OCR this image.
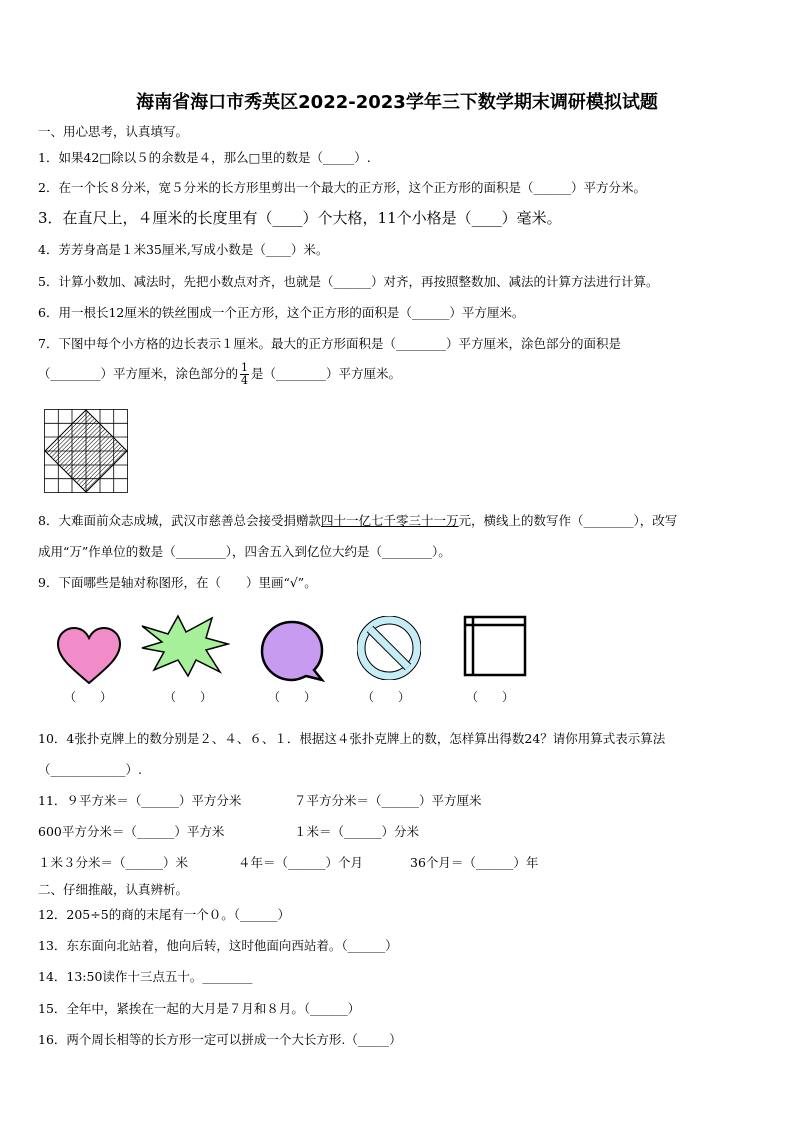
海南省海口市秀英区2022-2023学年三下数学期末调研模拟试题
一、用心思考，认真填写。
1．如果42□除以５的余数是４，那么□里的数是（_____）.
2．在一个长８分米，宽５分米的长方形里剪出一个最大的正方形，这个正方形的面积是（______）平方分米。
3．在直尺上，４厘米的长度里有（____）个大格，11个小格是（____）毫米。
4．芳芳身高是１米35厘米,写成小数是（____）米。
5．计算小数加、减法时，先把小数点对齐，也就是（______）对齐，再按照整数加、减法的计算方法进行计算。
6．用一根长12厘米的铁丝围成一个正方形，这个正方形的面积是（______）平方厘米。
7．下图中每个小方格的边长表示１厘米。最大的正方形面积是（________）平方厘米，涂色部分的面积是
（________）平方厘米，涂色部分的 $\frac{1}{4}$ 是（________）平方厘米。
8．大难面前众志成城，武汉市慈善总会接受捐赠款四十一亿七千零三十一万元，横线上的数写作（________），改写
成用“万”作单位的数是（________），四舍五入到亿位大约是（________）。
9．下面哪些是轴对称图形，在（　　）里画“√”。
（　　）	（　　）	（　　）	（　　）	（　　）
10．4张扑克牌上的数分别是２、４、６、１．根据这４张扑克牌上的数，怎样算出得数24？请你用算式表示算法
（____________）.
11．９平方米＝（______）平方分米	７平方分米＝（______）平方厘米
600平方分米＝（______）平方米	１米＝（______）分米
１米３分米＝（______）米	４年＝（______）个月	36个月＝（______）年
二、仔细推敲，认真辨析。
12．205÷5的商的末尾有一个０。（______）
13．东东面向北站着，他向后转，这时他面向西站着。（______）
14．13:50读作十三点五十。________
15．全年中，紧挨在一起的大月是７月和８月。（______）
16．两个周长相等的长方形一定可以拼成一个大长方形.（_____）
